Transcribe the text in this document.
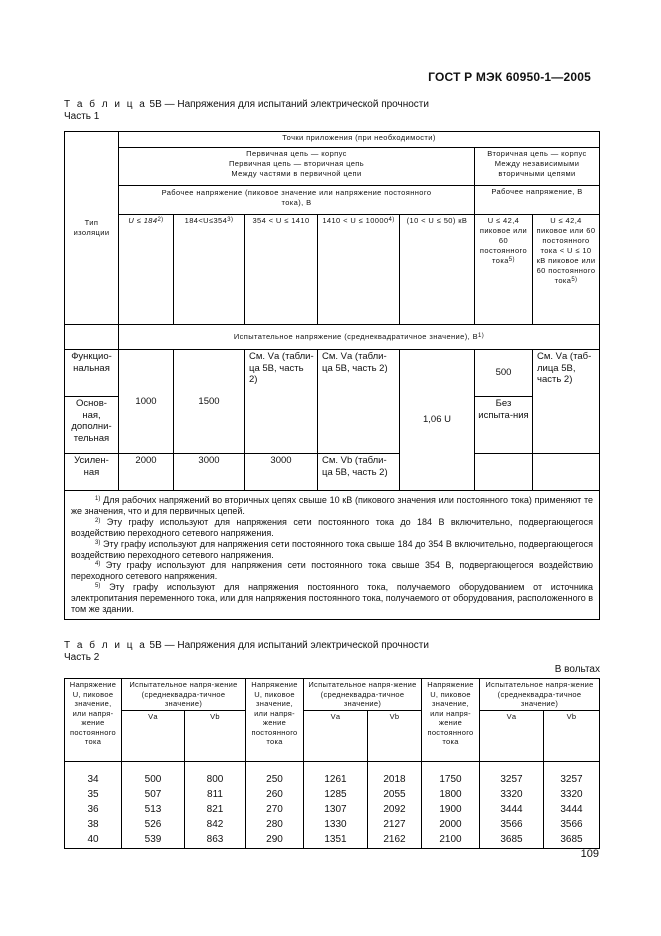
ГОСТ Р МЭК 60950-1—2005
Т а б л и ц а 5В — Напряжения для испытаний электрической прочности
Часть 1
Тип изоляции	Точки приложения (при необходимости)						
	Первичная цепь — корпус
Первичная цепь — вторичная цепь
Между частями в первичной цепи					Вторичная цепь — корпус
Между независимыми вторичными цепями	
	Рабочее напряжение (пиковое значение или напряжение постоянного тока), В					Рабочее напряжение, В	
	$U \le 184^{2)}$	$184<U\le 354^{3)}$	354 < U ≤ 1410	$1410 < U \le 10000^{4)}$	(10 < U ≤ 50) кВ	U ≤ 42,4 пиковое или 60 постоянного тока$^{5)}$	U ≤ 42,4 пиковое или 60 постоянного тока < U ≤ 10 кВ пиковое или 60 постоянного тока$^{5)}$
	Испытательное напряжение (среднеквадратичное значение), $В^{1)}$
Функцио-нальная	1000	1500	См. Vа (табли-ца 5В, часть 2)	См. Vа (табли-ца 5В, часть 2)	1,06 U	500	См. Vа (таб-лица 5В, часть 2)
Основ-ная, дополни-тельная						Без испыта-ния	
Усилен-ная	2000	3000	3000	См. Vb (табли-ца 5В, часть 2)			

$^{1)}$ Для рабочих напряжений во вторичных цепях свыше 10 кВ (пикового значения или постоянного тока) применяют те же значения, что и для первичных цепей.

$^{2)}$ Эту графу используют для напряжения сети постоянного тока до 184 В включительно, подвергающегося воздействию переходного сетевого напряжения.

$^{3)}$ Эту графу используют для напряжения сети постоянного тока свыше 184 до 354 В включительно, подвергающегося воздействию переходного сетевого напряжения.

$^{4)}$ Эту графу используют для напряжения сети постоянного тока свыше 354 В, подвергающегося воздействию переходного сетевого напряжения.

$^{5)}$ Эту графу используют для напряжения постоянного тока, получаемого оборудованием от источника электропитания переменного тока, или для напряжения постоянного тока, получаемого от оборудования, расположенного в том же здании.							

Т а б л и ц а 5В — Напряжения для испытаний электрической прочности
Часть 2
В вольтах
Напряжение U, пиковое значение, или напря-жение постоянного тока	Испытательное напря-жение (среднеквадра-тичное значение)		Напряжение U, пиковое значение, или напря-жение постоянного тока	Испытательное напря-жение (среднеквадра-тичное значение)		Напряжение U, пиковое значение, или напря-жение постоянного тока	Испытательное напря-жение (среднеквадра-тичное значение)	
	Vа	Vb		Vа	Vb		Vа	Vb

34	500	800	250	1261	2018	1750	3257	3257
35	507	811	260	1285	2055	1800	3320	3320
36	513	821	270	1307	2092	1900	3444	3444
38	526	842	280	1330	2127	2000	3566	3566
40	539	863	290	1351	2162	2100	3685	3685
109
